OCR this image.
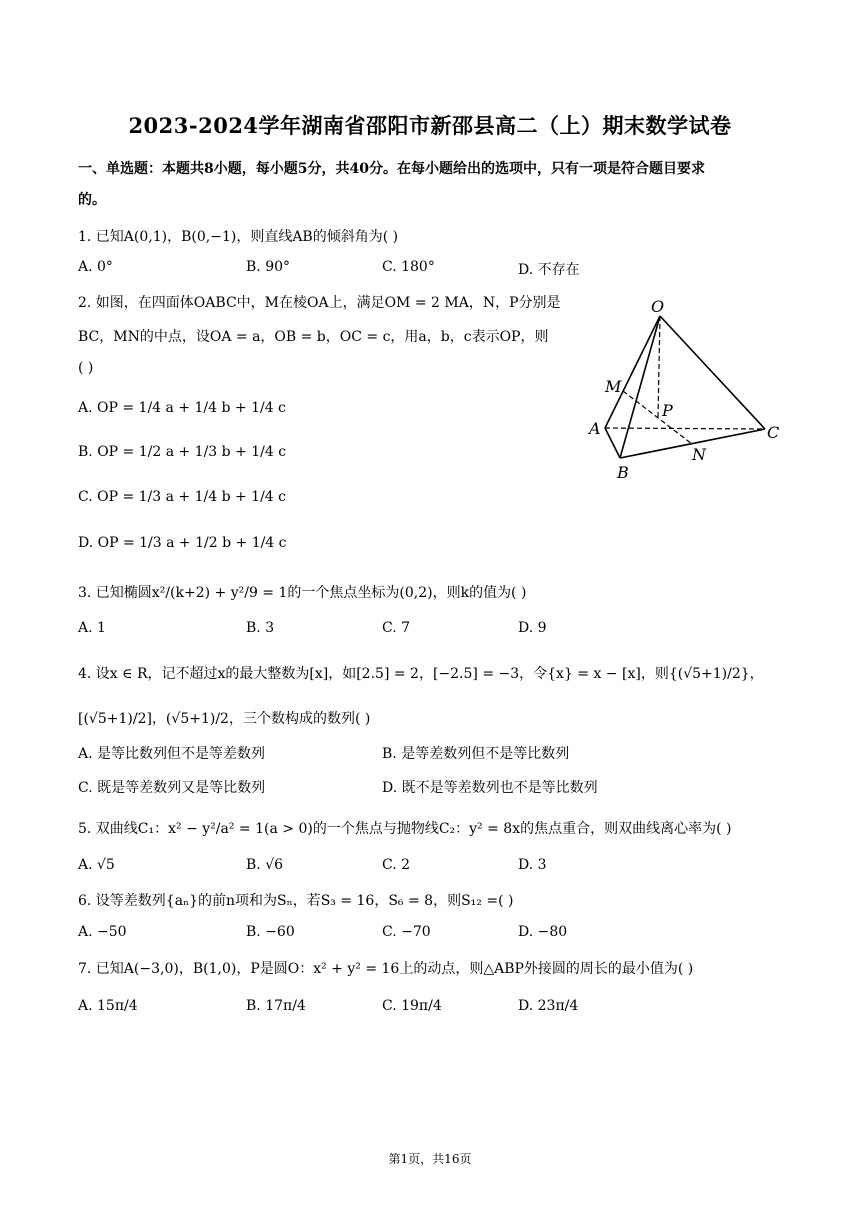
2023-2024学年湖南省邵阳市新邵县高二（上）期末数学试卷
一、单选题：本题共8小题，每小题5分，共40分。在每小题给出的选项中，只有一项是符合题目要求
的。
1. 已知A(0,1)，B(0,−1)，则直线AB的倾斜角为( )
A. 0°	B. 90°	C. 180°	D. 不存在
2. 如图，在四面体OABC中，M在棱OA上，满足OM = 2 MA，N，P分别是
BC，MN的中点，设OA = a，OB = b，OC = c，用a，b，c表示OP，则
( )
A. OP = 1/4 a + 1/4 b + 1/4 c
B. OP = 1/2 a + 1/3 b + 1/4 c
C. OP = 1/3 a + 1/4 b + 1/4 c
D. OP = 1/3 a + 1/2 b + 1/4 c
O
M
P
A	C
N
B
3. 已知椭圆x²/(k+2) + y²/9 = 1的一个焦点坐标为(0,2)，则k的值为( )
A. 1	B. 3	C. 7	D. 9
4. 设x ∈ R，记不超过x的最大整数为[x]，如[2.5] = 2，[−2.5] = −3，令{x} = x − [x]，则{(√5+1)/2}，
[(√5+1)/2]，(√5+1)/2，三个数构成的数列( )
A. 是等比数列但不是等差数列	B. 是等差数列但不是等比数列
C. 既是等差数列又是等比数列	D. 既不是等差数列也不是等比数列
5. 双曲线C₁：x² − y²/a² = 1(a > 0)的一个焦点与抛物线C₂：y² = 8x的焦点重合，则双曲线离心率为( )
A. √5	B. √6	C. 2	D. 3
6. 设等差数列{aₙ}的前n项和为Sₙ，若S₃ = 16，S₆ = 8，则S₁₂ =( )
A. −50	B. −60	C. −70	D. −80
7. 已知A(−3,0)，B(1,0)，P是圆O：x² + y² = 16上的动点，则△ABP外接圆的周长的最小值为( )
A. 15π/4	B. 17π/4	C. 19π/4	D. 23π/4
第1页，共16页
